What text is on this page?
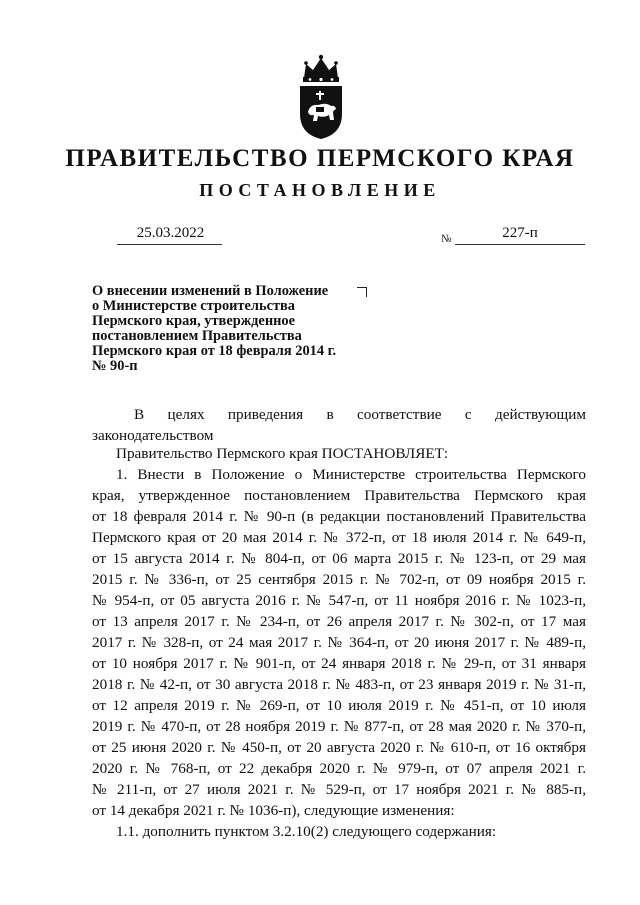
ПРАВИТЕЛЬСТВО ПЕРМСКОГО КРАЯ
ПОСТАНОВЛЕНИЕ
25.03.2022	№	227-п
О внесении изменений в Положение
о Министерстве строительства
Пермского края, утвержденное
постановлением Правительства
Пермского края от 18 февраля 2014 г.
№ 90-п
В целях приведения в соответствие с действующим
законодательством
Правительство Пермского края ПОСТАНОВЛЯЕТ:
1. Внести в Положение о Министерстве строительства Пермского
края, утвержденное постановлением Правительства Пермского края
от 18 февраля 2014 г. № 90-п (в редакции постановлений Правительства
Пермского края от 20 мая 2014 г. № 372-п, от 18 июля 2014 г. № 649-п,
от 15 августа 2014 г. № 804-п, от 06 марта 2015 г. № 123-п, от 29 мая
2015 г. № 336-п, от 25 сентября 2015 г. № 702-п, от 09 ноября 2015 г.
№ 954-п, от 05 августа 2016 г. № 547-п, от 11 ноября 2016 г. № 1023-п,
от 13 апреля 2017 г. № 234-п, от 26 апреля 2017 г. № 302-п, от 17 мая
2017 г. № 328-п, от 24 мая 2017 г. № 364-п, от 20 июня 2017 г. № 489-п,
от 10 ноября 2017 г. № 901-п, от 24 января 2018 г. № 29-п, от 31 января
2018 г. № 42-п, от 30 августа 2018 г. № 483-п, от 23 января 2019 г. № 31-п,
от 12 апреля 2019 г. № 269-п, от 10 июля 2019 г. № 451-п, от 10 июля
2019 г. № 470-п, от 28 ноября 2019 г. № 877-п, от 28 мая 2020 г. № 370-п,
от 25 июня 2020 г. № 450-п, от 20 августа 2020 г. № 610-п, от 16 октября
2020 г. № 768-п, от 22 декабря 2020 г. № 979-п, от 07 апреля 2021 г.
№ 211-п, от 27 июля 2021 г. № 529-п, от 17 ноября 2021 г. № 885-п,
от 14 декабря 2021 г. № 1036-п), следующие изменения:
1.1. дополнить пунктом 3.2.10(2) следующего содержания:
